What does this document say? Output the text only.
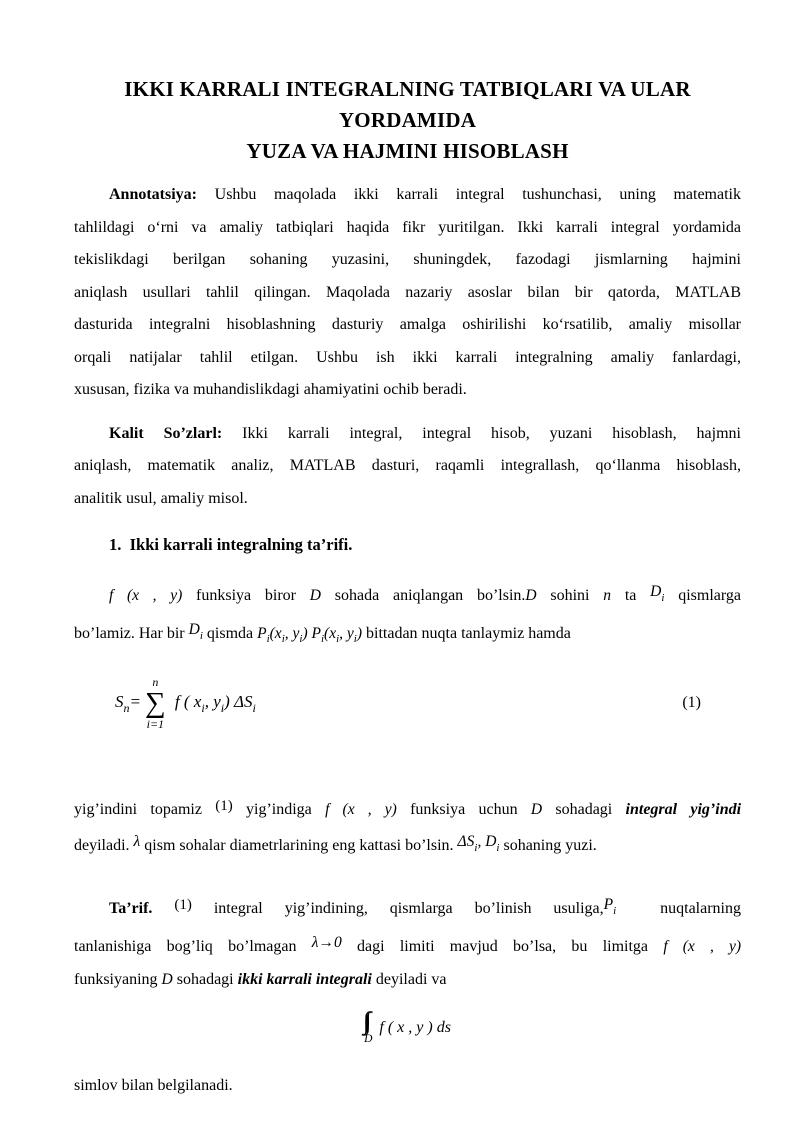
IKKI KARRALI INTEGRALNING TATBIQLARI VA ULAR YORDAMIDA
YUZA VA HAJMINI HISOBLASH
Annotatsiya: Ushbu maqolada ikki karrali integral tushunchasi, uning matematik
tahlildagi o‘rni va amaliy tatbiqlari haqida fikr yuritilgan. Ikki karrali integral yordamida
tekislikdagi berilgan sohaning yuzasini, shuningdek, fazodagi jismlarning hajmini
aniqlash usullari tahlil qilingan. Maqolada nazariy asoslar bilan bir qatorda, MATLAB
dasturida integralni hisoblashning dasturiy amalga oshirilishi ko‘rsatilib, amaliy misollar
orqali natijalar tahlil etilgan. Ushbu ish ikki karrali integralning amaliy fanlardagi,
xususan, fizika va muhandislikdagi ahamiyatini ochib beradi.
Kalit So’zlarl: Ikki karrali integral, integral hisob, yuzani hisoblash, hajmni
aniqlash, matematik analiz, MATLAB dasturi, raqamli integrallash, qo‘llanma hisoblash,
analitik usul, amaliy misol.
1.  Ikki karrali integralning ta’rifi.
f (x , y) funksiya biror D sohada aniqlangan bo’lsin.D sohini n ta Di qismlarga
bo’lamiz. Har bir Di qismda $P_i(x_i$, $y_i$) $P_i(x_i$, $y_i$) bittadan nuqta tanlaymiz hamda
$S_n=$
n
∑
i=1
f ( $x_i$, $y_i$) $\Delta S_i$	(1)
yig’indini topamiz (1) yig’indiga f (x , y) funksiya uchun D sohadagi integral yig’indi
deyiladi. λ qism sohalar diametrlarining eng kattasi bo’lsin. ΔSi, Di sohaning yuzi.
Ta’rif. (1) integral yig’indining, qismlarga bo’linish usuliga,Pi  nuqtalarning
tanlanishiga bog’liq bo’lmagan λ→0 dagi limiti mavjud bo’lsa, bu limitga f (x , y)
funksiyaning D sohadagi ikki karrali integrali deyiladi va
D
f ( x , y ) ds
simlov bilan belgilanadi.
